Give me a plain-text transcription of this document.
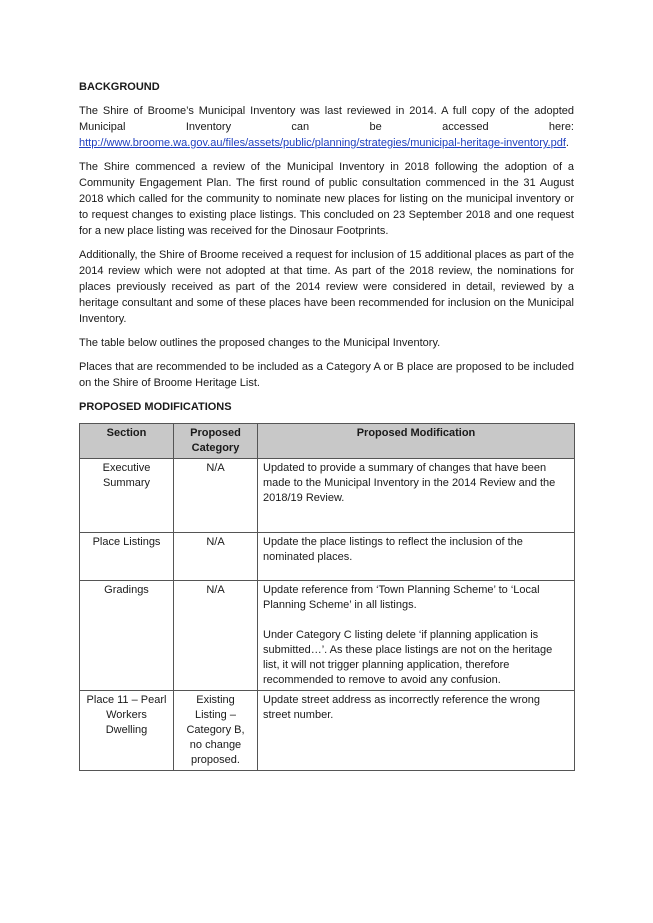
BACKGROUND

The Shire of Broome’s Municipal Inventory was last reviewed in 2014. A full copy of the adopted Municipal Inventory can be accessed here: http://www.broome.wa.gov.au/files/assets/public/planning/strategies/municipal-heritage-inventory.pdf.

The Shire commenced a review of the Municipal Inventory in 2018 following the adoption of a Community Engagement Plan. The first round of public consultation commenced in the 31 August 2018 which called for the community to nominate new places for listing on the municipal inventory or to request changes to existing place listings. This concluded on 23 September 2018 and one request for a new place listing was received for the Dinosaur Footprints.

Additionally, the Shire of Broome received a request for inclusion of 15 additional places as part of the 2014 review which were not adopted at that time. As part of the 2018 review, the nominations for places previously received as part of the 2014 review were considered in detail, reviewed by a heritage consultant and some of these places have been recommended for inclusion on the Municipal Inventory.

The table below outlines the proposed changes to the Municipal Inventory.

Places that are recommended to be included as a Category A or B place are proposed to be included on the Shire of Broome Heritage List.

PROPOSED MODIFICATIONS
Section	Proposed Category	Proposed Modification
Executive Summary	N/A	Updated to provide a summary of changes that have been made to the Municipal Inventory in the 2014 Review and the 2018/19 Review.
Place Listings	N/A	Update the place listings to reflect the inclusion of the nominated places.
Gradings	N/A	Update reference from ‘Town Planning Scheme’ to ‘Local Planning Scheme’ in all listings.
Under Category C listing delete ‘if planning application is submitted…’. As these place listings are not on the heritage list, it will not trigger planning application, therefore recommended to remove to avoid any confusion.
Place 11 – Pearl Workers Dwelling	Existing Listing – Category B, no change proposed.	Update street address as incorrectly reference the wrong street number.
